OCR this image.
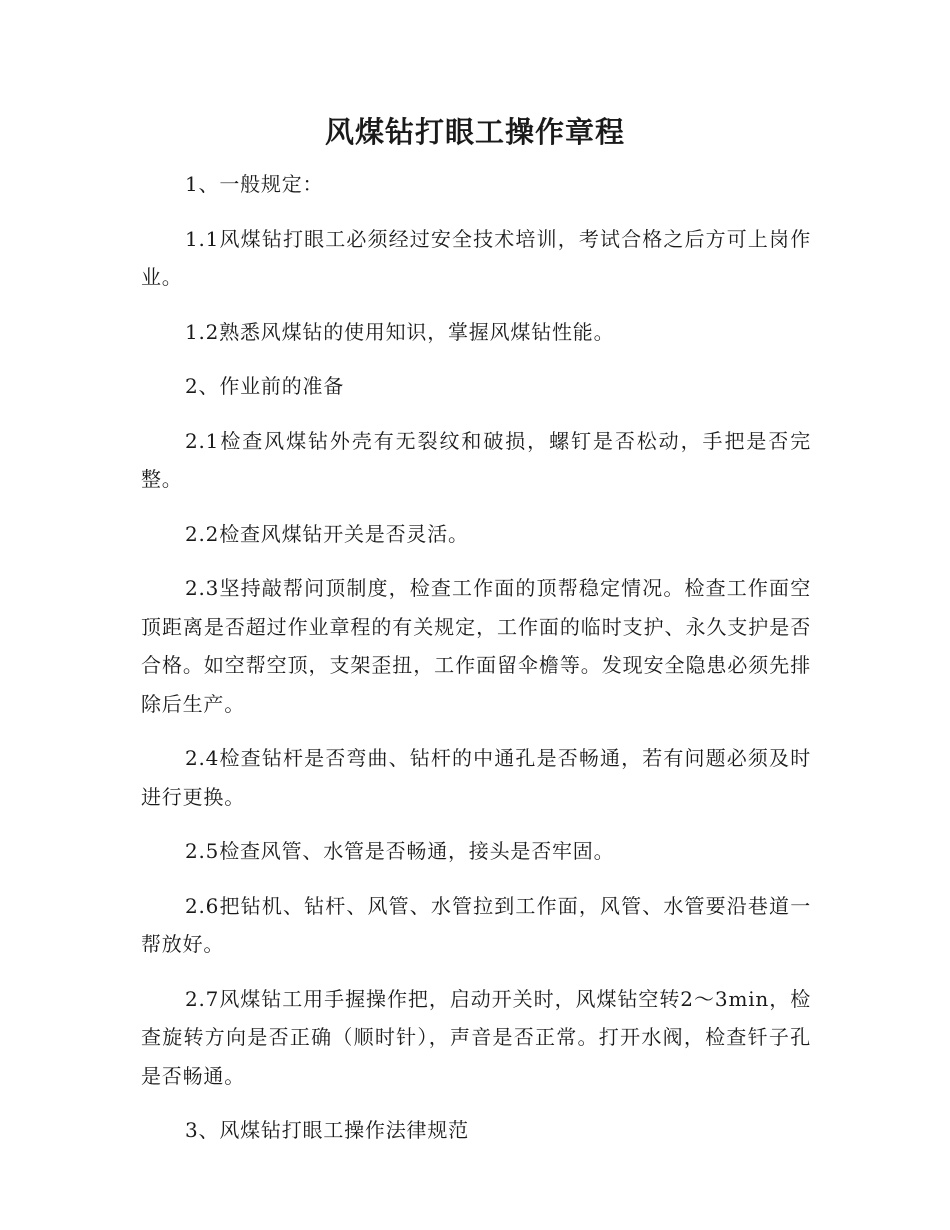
风煤钻打眼工操作章程

1、一般规定：

1.1风煤钻打眼工必须经过安全技术培训，考试合格之后方可上岗作业。

1.2熟悉风煤钻的使用知识，掌握风煤钻性能。

2、作业前的准备

2.1检查风煤钻外壳有无裂纹和破损，螺钉是否松动，手把是否完整。

2.2检查风煤钻开关是否灵活。

2.3坚持敲帮问顶制度，检查工作面的顶帮稳定情况。检查工作面空顶距离是否超过作业章程的有关规定，工作面的临时支护、永久支护是否合格。如空帮空顶，支架歪扭，工作面留伞檐等。发现安全隐患必须先排除后生产。

2.4检查钻杆是否弯曲、钻杆的中通孔是否畅通，若有问题必须及时进行更换。

2.5检查风管、水管是否畅通，接头是否牢固。

2.6把钻机、钻杆、风管、水管拉到工作面，风管、水管要沿巷道一帮放好。

2.7风煤钻工用手握操作把，启动开关时，风煤钻空转2～3min，检查旋转方向是否正确（顺时针），声音是否正常。打开水阀，检查钎子孔是否畅通。

3、风煤钻打眼工操作法律规范
